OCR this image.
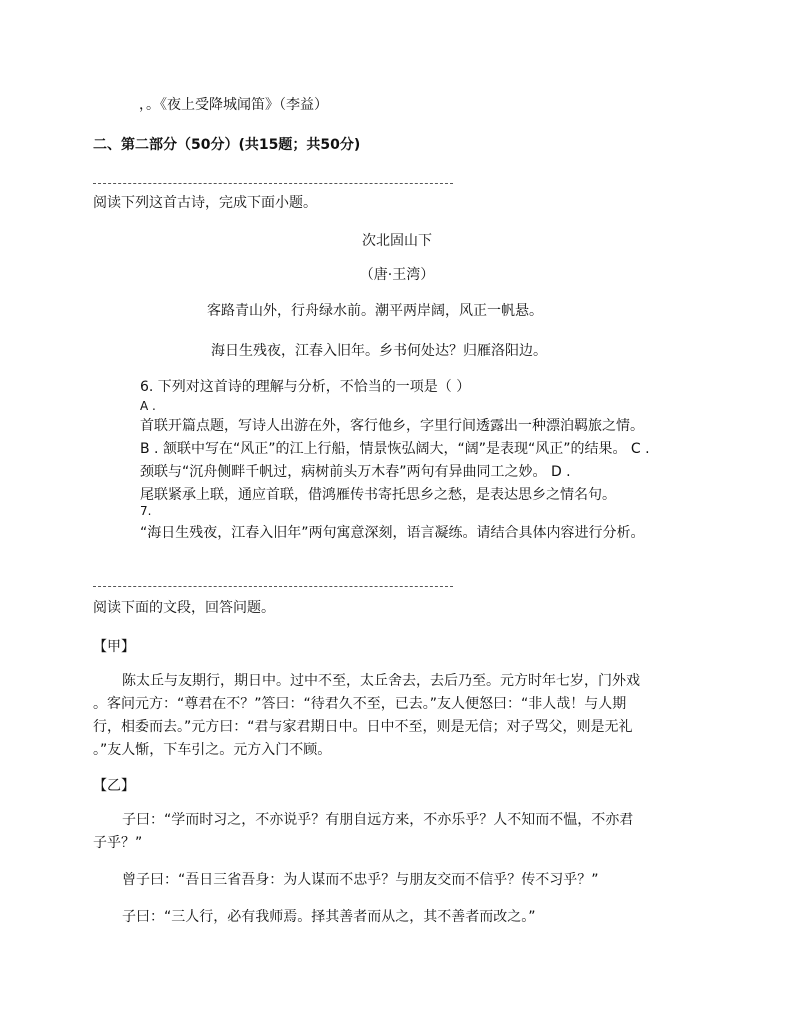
，。《夜上受降城闻笛》（李益）
二、第二部分（50分）(共15题；共50分)
阅读下列这首古诗，完成下面小题。
次北固山下
（唐·王湾）
客路青山外，行舟绿水前。潮平两岸阔，风正一帆悬。
海日生残夜，江春入旧年。乡书何处达？归雁洛阳边。
6. 下列对这首诗的理解与分析，不恰当的一项是（ ）
A .
首联开篇点题，写诗人出游在外，客行他乡，字里行间透露出一种漂泊羁旅之情。
B . 颔联中写在“风正”的江上行船，情景恢弘阔大，“阔”是表现“风正”的结果。 C .
颈联与“沉舟侧畔千帆过，病树前头万木春”两句有异曲同工之妙。 D .
尾联紧承上联，通应首联，借鸿雁传书寄托思乡之愁，是表达思乡之情名句。
7.
“海日生残夜，江春入旧年”两句寓意深刻，语言凝练。请结合具体内容进行分析。
阅读下面的文段，回答问题。
【甲】
陈太丘与友期行，期日中。过中不至，太丘舍去，去后乃至。元方时年七岁，门外戏
。客问元方：“尊君在不？”答曰：“待君久不至，已去。”友人便怒曰：“非人哉！与人期
行，相委而去。”元方曰：“君与家君期日中。日中不至，则是无信；对子骂父，则是无礼
。”友人惭，下车引之。元方入门不顾。
【乙】
子曰：“学而时习之，不亦说乎？有朋自远方来，不亦乐乎？人不知而不愠，不亦君
子乎？”
曾子曰：“吾日三省吾身：为人谋而不忠乎？与朋友交而不信乎？传不习乎？”
子曰：“三人行，必有我师焉。择其善者而从之，其不善者而改之。”
